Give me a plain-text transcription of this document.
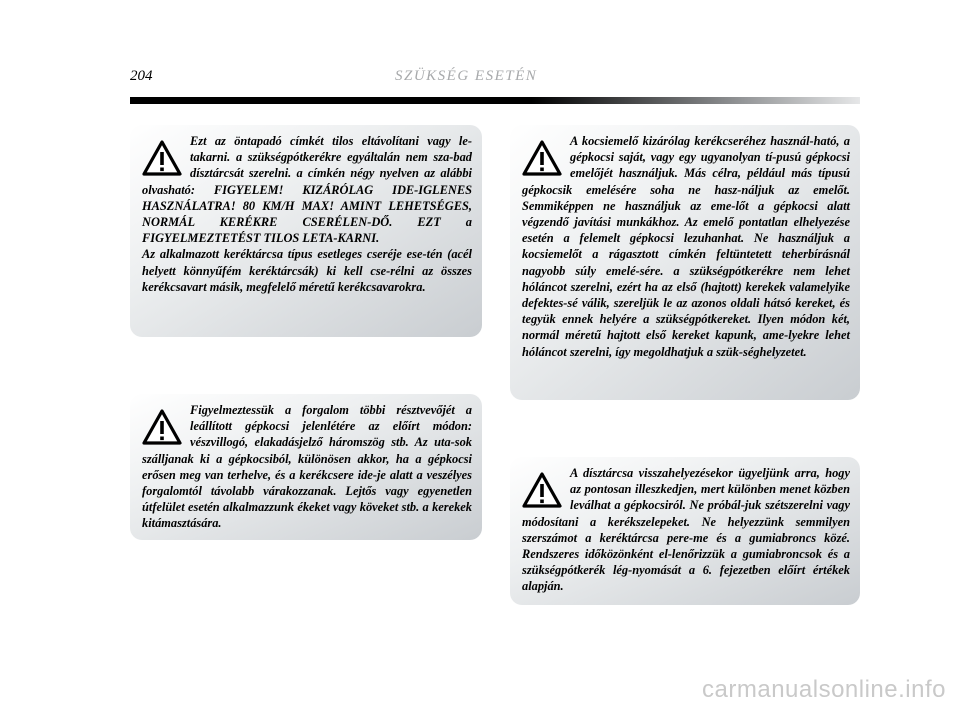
204	SZÜKSÉG ESETÉN

Ezt az öntapadó címkét tilos eltávolítani vagy le-takarni. a szükségpótkerékre egyáltalán nem sza-bad dísztárcsát szerelni. a címkén négy nyelven az alábbi olvasható: FIGYELEM! KIZÁRÓLAG IDE-IGLENES HASZNÁLATRA! 80 KM/H MAX! AMINT LEHETSÉGES, NORMÁL KERÉKRE CSERÉLEN-DŐ. EZT a FIGYELMEZTETÉST TILOS LETA-KARNI.

Az alkalmazott keréktárcsa típus esetleges cseréje ese-tén (acél helyett könnyűfém keréktárcsák) ki kell cse-rélni az összes kerékcsavart másik, megfelelő méretű kerékcsavarokra.

Figyelmeztessük a forgalom többi résztvevőjét a leállított gépkocsi jelenlétére az előírt módon: vészvillogó, elakadásjelző háromszög stb. Az uta-sok szálljanak ki a gépkocsiból, különösen akkor, ha a gépkocsi erősen meg van terhelve, és a kerékcsere ide-je alatt a veszélyes forgalomtól távolabb várakozzanak. Lejtős vagy egyenetlen útfelület esetén alkalmazzunk ékeket vagy köveket stb. a kerekek kitámasztására.

A kocsiemelő kizárólag kerékcseréhez használ-ható, a gépkocsi saját, vagy egy ugyanolyan tí-pusú gépkocsi emelőjét használjuk. Más célra, például más típusú gépkocsik emelésére soha ne hasz-náljuk az emelőt. Semmiképpen ne használjuk az eme-lőt a gépkocsi alatt végzendő javítási munkákhoz. Az emelő pontatlan elhelyezése esetén a felemelt gépkocsi lezuhanhat. Ne használjuk a kocsiemelőt a rágasztott címkén feltüntetett teherbírásnál nagyobb súly emelé-sére. a szükségpótkerékre nem lehet hóláncot szerelni, ezért ha az első (hajtott) kerekek valamelyike defektes-sé válik, szereljük le az azonos oldali hátsó kereket, és tegyük ennek helyére a szükségpótkereket. Ilyen módon két, normál méretű hajtott első kereket kapunk, ame-lyekre lehet hóláncot szerelni, így megoldhatjuk a szük-séghelyzetet.

A dísztárcsa visszahelyezésekor ügyeljünk arra, hogy az pontosan illeszkedjen, mert különben menet közben leválhat a gépkocsiról. Ne próbál-juk szétszerelni vagy módosítani a kerékszelepeket. Ne helyezzünk semmilyen szerszámot a keréktárcsa pere-me és a gumiabroncs közé. Rendszeres időközönként el-lenőrizzük a gumiabroncsok és a szükségpótkerék lég-nyomását a 6. fejezetben előírt értékek alapján.

carmanualsonline.info
